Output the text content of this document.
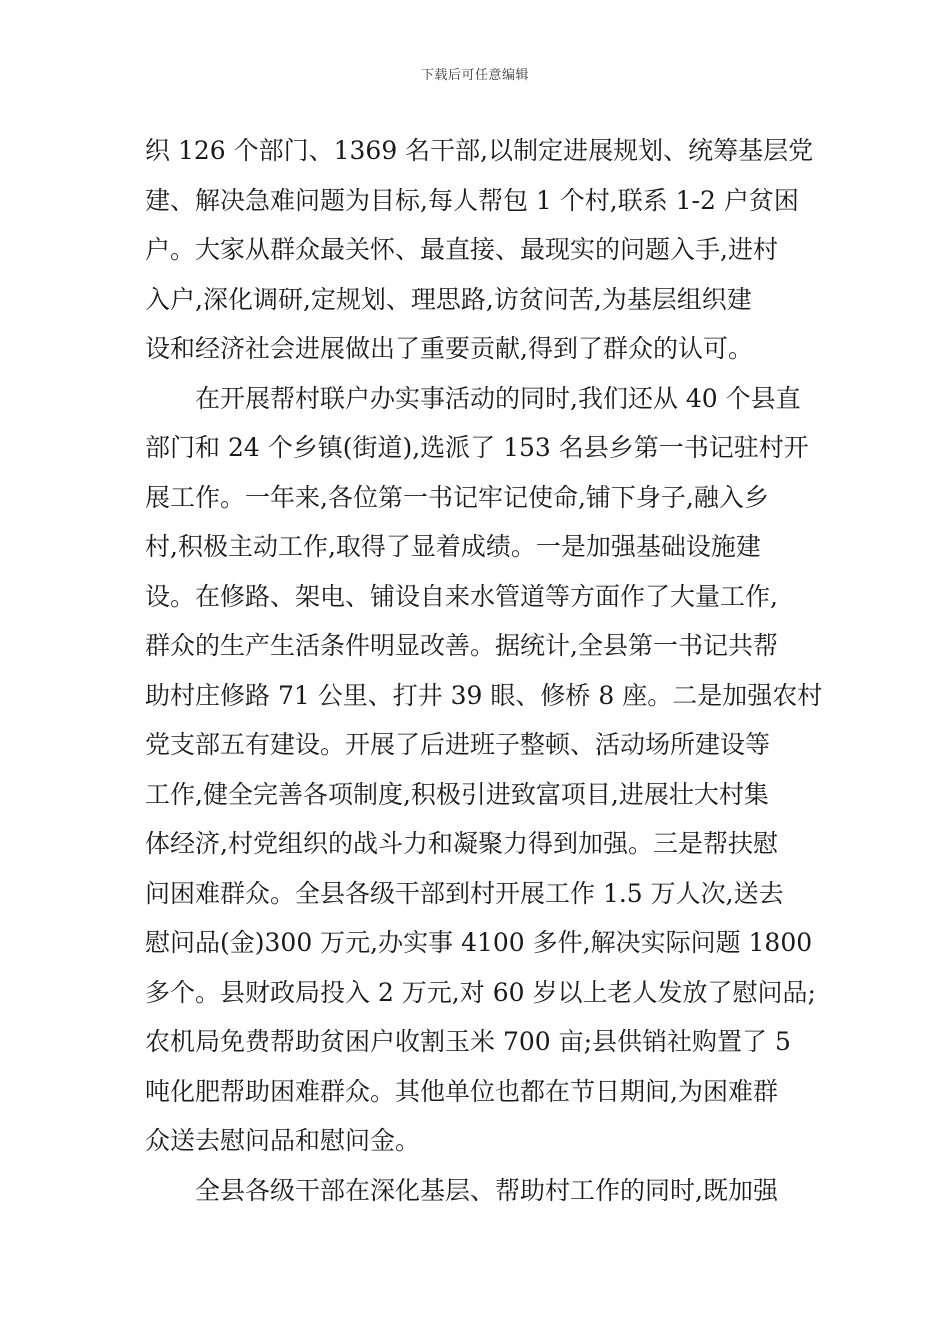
下载后可任意编辑
织 126 个部门、1369 名干部,以制定进展规划、统筹基层党
建、解决急难问题为目标,每人帮包 1 个村,联系 1-2 户贫困
户。大家从群众最关怀、最直接、最现实的问题入手,进村
入户,深化调研,定规划、理思路,访贫问苦,为基层组织建
设和经济社会进展做出了重要贡献,得到了群众的认可。
　　在开展帮村联户办实事活动的同时,我们还从 40 个县直
部门和 24 个乡镇(街道),选派了 153 名县乡第一书记驻村开
展工作。一年来,各位第一书记牢记使命,铺下身子,融入乡
村,积极主动工作,取得了显着成绩。一是加强基础设施建
设。在修路、架电、铺设自来水管道等方面作了大量工作,
群众的生产生活条件明显改善。据统计,全县第一书记共帮
助村庄修路 71 公里、打井 39 眼、修桥 8 座。二是加强农村
党支部五有建设。开展了后进班子整顿、活动场所建设等
工作,健全完善各项制度,积极引进致富项目,进展壮大村集
体经济,村党组织的战斗力和凝聚力得到加强。三是帮扶慰
问困难群众。全县各级干部到村开展工作 1.5 万人次,送去
慰问品(金)300 万元,办实事 4100 多件,解决实际问题 1800
多个。县财政局投入 2 万元,对 60 岁以上老人发放了慰问品;
农机局免费帮助贫困户收割玉米 700 亩;县供销社购置了 5
吨化肥帮助困难群众。其他单位也都在节日期间,为困难群
众送去慰问品和慰问金。
　　全县各级干部在深化基层、帮助村工作的同时,既加强
